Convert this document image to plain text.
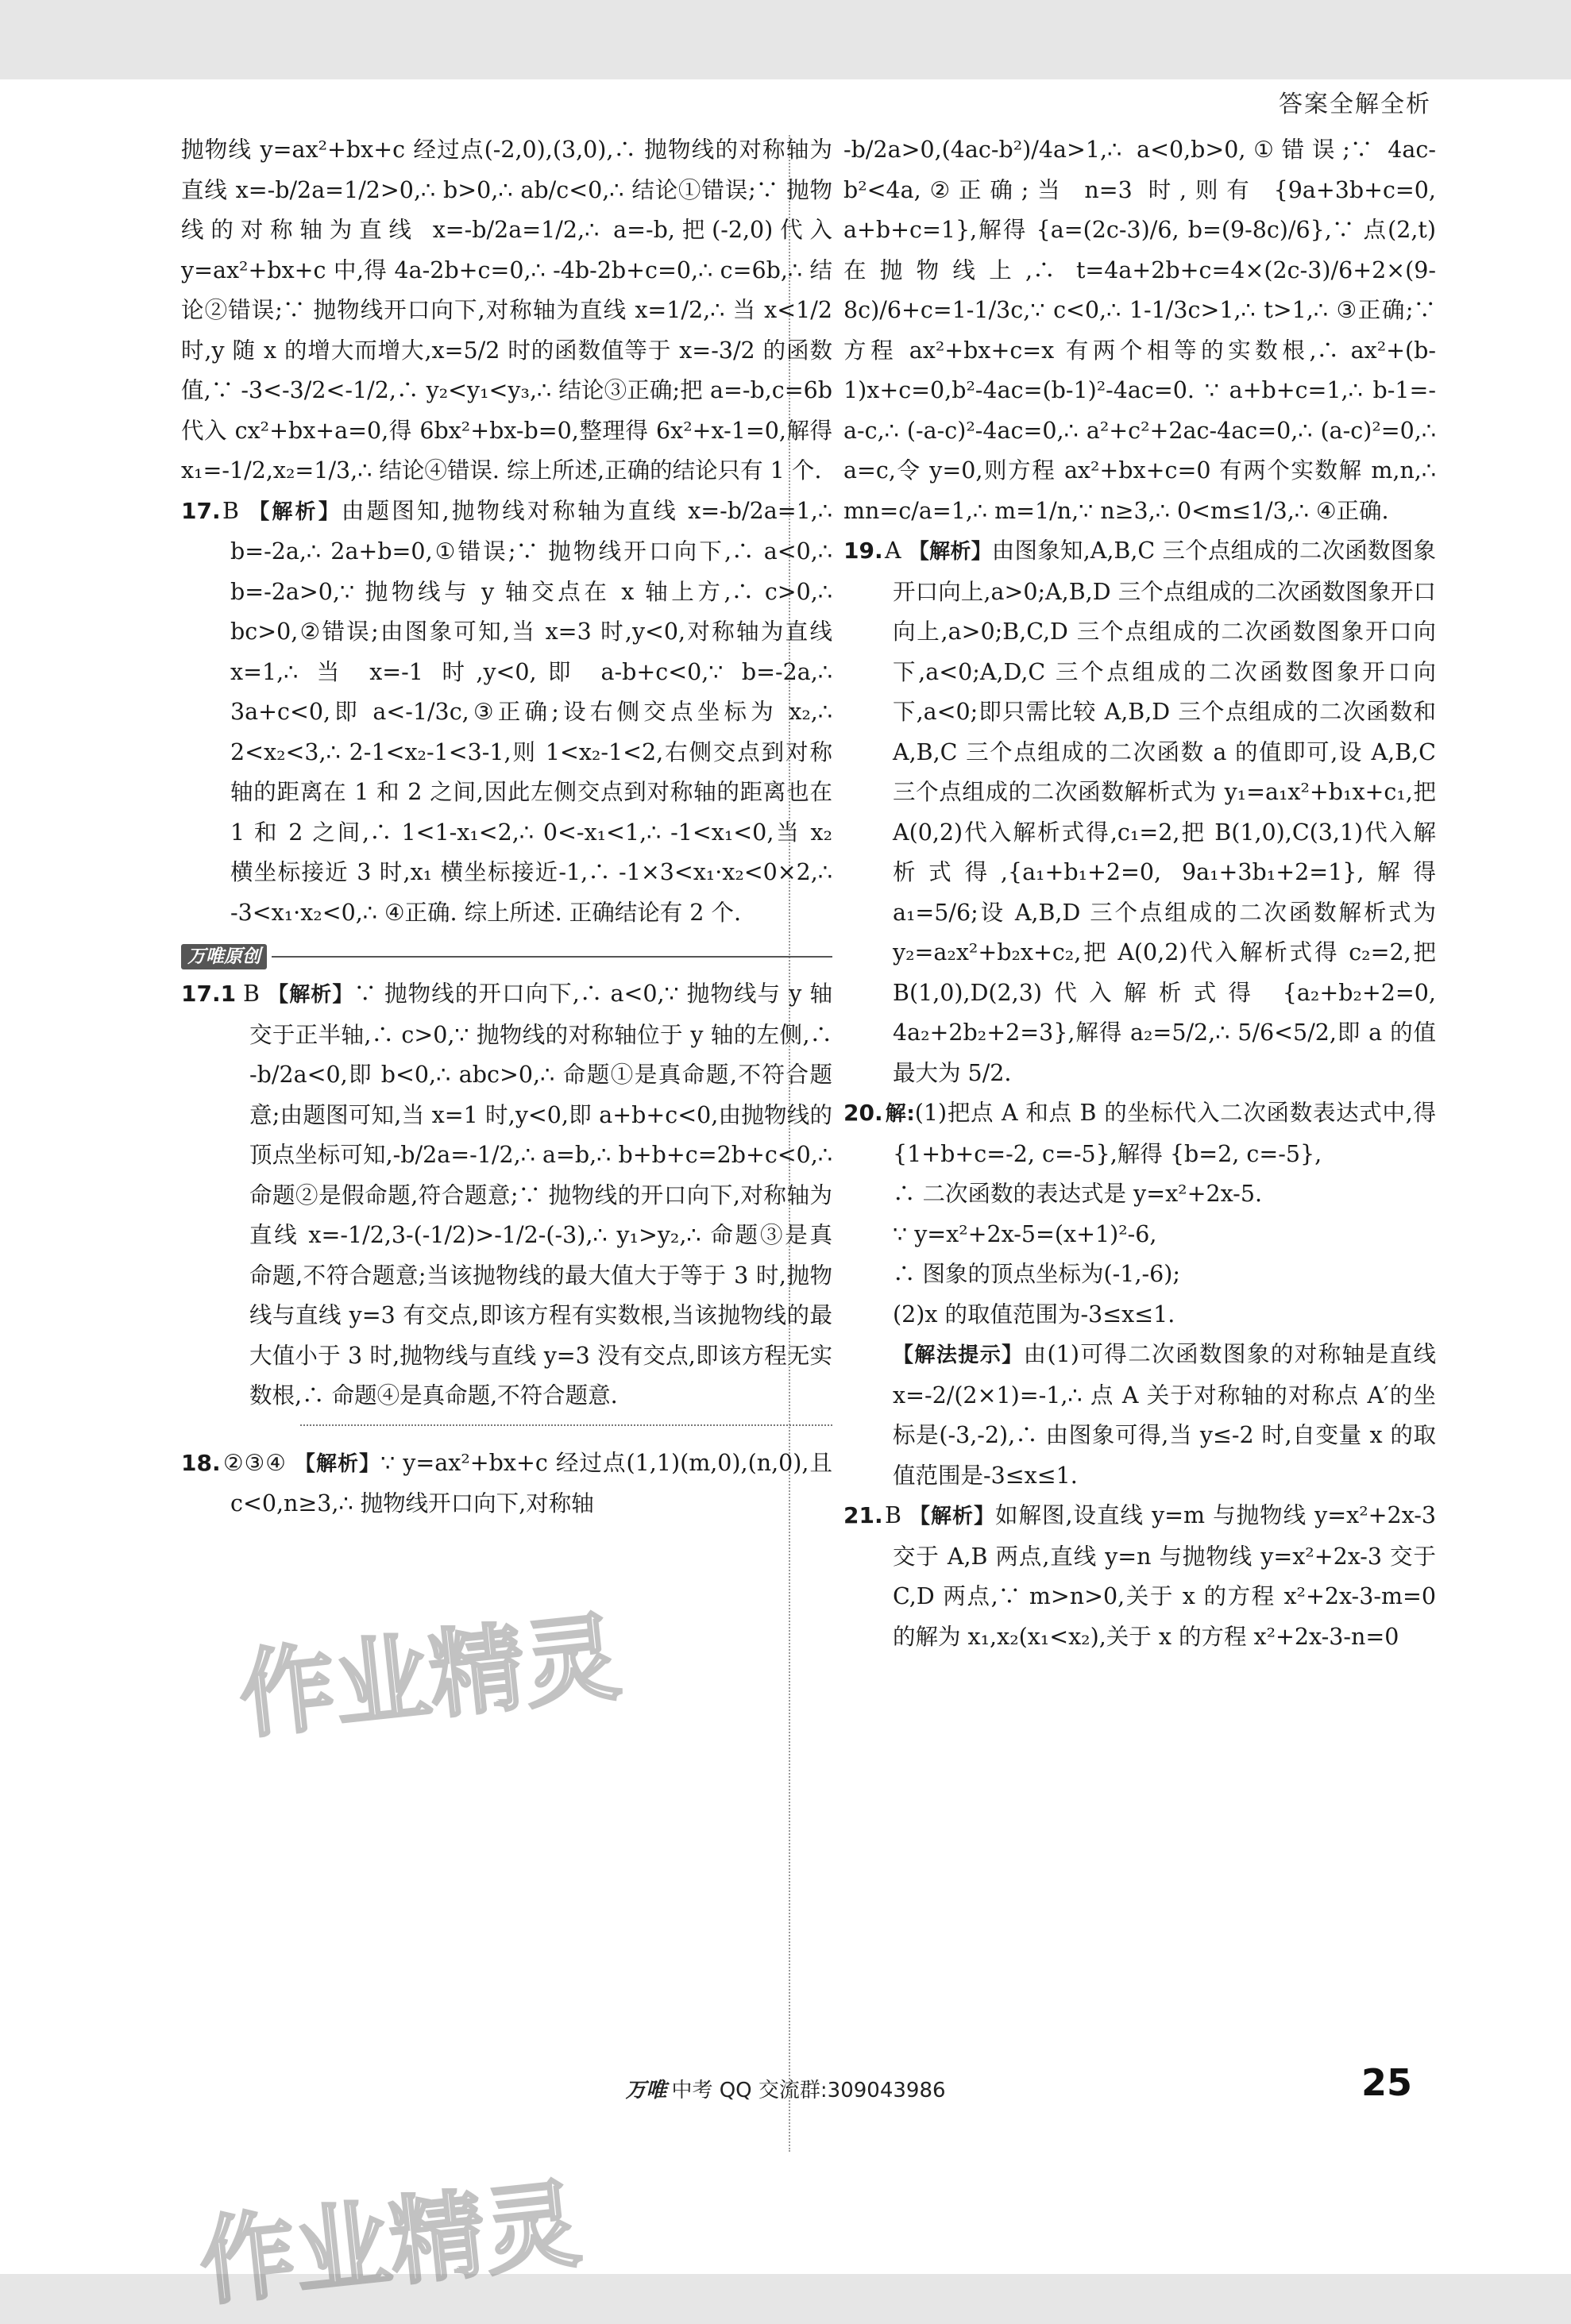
答案全解全析

抛物线 y=ax²+bx+c 经过点(-2,0),(3,0),∴ 抛物线的对称轴为直线 x=-b/2a=1/2>0,∴ b>0,∴ ab/c<0,∴ 结论①错误;∵ 抛物线的对称轴为直线 x=-b/2a=1/2,∴ a=-b,把(-2,0)代入 y=ax²+bx+c 中,得 4a-2b+c=0,∴ -4b-2b+c=0,∴ c=6b,∴ 结论②错误;∵ 抛物线开口向下,对称轴为直线 x=1/2,∴ 当 x<1/2 时,y 随 x 的增大而增大,x=5/2 时的函数值等于 x=-3/2 的函数值,∵ -3<-3/2<-1/2,∴ y₂<y₁<y₃,∴ 结论③正确;把 a=-b,c=6b 代入 cx²+bx+a=0,得 6bx²+bx-b=0,整理得 6x²+x-1=0,解得 x₁=-1/2,x₂=1/3,∴ 结论④错误. 综上所述,正确的结论只有 1 个.

17.B 【解析】由题图知,抛物线对称轴为直线 x=-b/2a=1,∴ b=-2a,∴ 2a+b=0,①错误;∵ 抛物线开口向下,∴ a<0,∴ b=-2a>0,∵ 抛物线与 y 轴交点在 x 轴上方,∴ c>0,∴ bc>0,②错误;由图象可知,当 x=3 时,y<0,对称轴为直线 x=1,∴ 当 x=-1 时,y<0,即 a-b+c<0,∵ b=-2a,∴ 3a+c<0,即 a<-1/3c,③正确;设右侧交点坐标为 x₂,∴ 2<x₂<3,∴ 2-1<x₂-1<3-1,则 1<x₂-1<2,右侧交点到对称轴的距离在 1 和 2 之间,因此左侧交点到对称轴的距离也在 1 和 2 之间,∴ 1<1-x₁<2,∴ 0<-x₁<1,∴ -1<x₁<0,当 x₂ 横坐标接近 3 时,x₁ 横坐标接近-1,∴ -1×3<x₁·x₂<0×2,∴ -3<x₁·x₂<0,∴ ④正确. 综上所述. 正确结论有 2 个.

万唯原创

17.1 B 【解析】∵ 抛物线的开口向下,∴ a<0,∵ 抛物线与 y 轴交于正半轴,∴ c>0,∵ 抛物线的对称轴位于 y 轴的左侧,∴ -b/2a<0,即 b<0,∴ abc>0,∴ 命题①是真命题,不符合题意;由题图可知,当 x=1 时,y<0,即 a+b+c<0,由抛物线的顶点坐标可知,-b/2a=-1/2,∴ a=b,∴ b+b+c=2b+c<0,∴ 命题②是假命题,符合题意;∵ 抛物线的开口向下,对称轴为直线 x=-1/2,3-(-1/2)>-1/2-(-3),∴ y₁>y₂,∴ 命题③是真命题,不符合题意;当该抛物线的最大值大于等于 3 时,抛物线与直线 y=3 有交点,即该方程有实数根,当该抛物线的最大值小于 3 时,抛物线与直线 y=3 没有交点,即该方程无实数根,∴ 命题④是真命题,不符合题意.

18.②③④ 【解析】∵ y=ax²+bx+c 经过点(1,1)(m,0),(n,0),且 c<0,n≥3,∴ 抛物线开口向下,对称轴

-b/2a>0,(4ac-b²)/4a>1,∴ a<0,b>0,①错误;∵ 4ac-b²<4a,②正确;当 n=3 时,则有 {9a+3b+c=0, a+b+c=1},解得 {a=(2c-3)/6, b=(9-8c)/6},∵ 点(2,t)在抛物线上,∴ t=4a+2b+c=4×(2c-3)/6+2×(9-8c)/6+c=1-1/3c,∵ c<0,∴ 1-1/3c>1,∴ t>1,∴ ③正确;∵ 方程 ax²+bx+c=x 有两个相等的实数根,∴ ax²+(b-1)x+c=0,b²-4ac=(b-1)²-4ac=0. ∵ a+b+c=1,∴ b-1=-a-c,∴ (-a-c)²-4ac=0,∴ a²+c²+2ac-4ac=0,∴ (a-c)²=0,∴ a=c,令 y=0,则方程 ax²+bx+c=0 有两个实数解 m,n,∴ mn=c/a=1,∴ m=1/n,∵ n≥3,∴ 0<m≤1/3,∴ ④正确.

19.A 【解析】由图象知,A,B,C 三个点组成的二次函数图象开口向上,a>0;A,B,D 三个点组成的二次函数图象开口向上,a>0;B,C,D 三个点组成的二次函数图象开口向下,a<0;A,D,C 三个点组成的二次函数图象开口向下,a<0;即只需比较 A,B,D 三个点组成的二次函数和 A,B,C 三个点组成的二次函数 a 的值即可,设 A,B,C 三个点组成的二次函数解析式为 y₁=a₁x²+b₁x+c₁,把 A(0,2)代入解析式得,c₁=2,把 B(1,0),C(3,1)代入解析式得,{a₁+b₁+2=0, 9a₁+3b₁+2=1},解得 a₁=5/6;设 A,B,D 三个点组成的二次函数解析式为 y₂=a₂x²+b₂x+c₂,把 A(0,2)代入解析式得 c₂=2,把 B(1,0),D(2,3)代入解析式得 {a₂+b₂+2=0, 4a₂+2b₂+2=3},解得 a₂=5/2,∴ 5/6<5/2,即 a 的值最大为 5/2.

20.解:(1)把点 A 和点 B 的坐标代入二次函数表达式中,得 {1+b+c=-2, c=-5},解得 {b=2, c=-5},

∴ 二次函数的表达式是 y=x²+2x-5.

∵ y=x²+2x-5=(x+1)²-6,

∴ 图象的顶点坐标为(-1,-6);

(2)x 的取值范围为-3≤x≤1.

【解法提示】由(1)可得二次函数图象的对称轴是直线 x=-2/(2×1)=-1,∴ 点 A 关于对称轴的对称点 A′的坐标是(-3,-2),∴ 由图象可得,当 y≤-2 时,自变量 x 的取值范围是-3≤x≤1.

21.B 【解析】如解图,设直线 y=m 与抛物线 y=x²+2x-3 交于 A,B 两点,直线 y=n 与抛物线 y=x²+2x-3 交于 C,D 两点,∵ m>n>0,关于 x 的方程 x²+2x-3-m=0 的解为 x₁,x₂(x₁<x₂),关于 x 的方程 x²+2x-3-n=0

作业精灵
作业精灵
万唯 中考 QQ 交流群:309043986	25
